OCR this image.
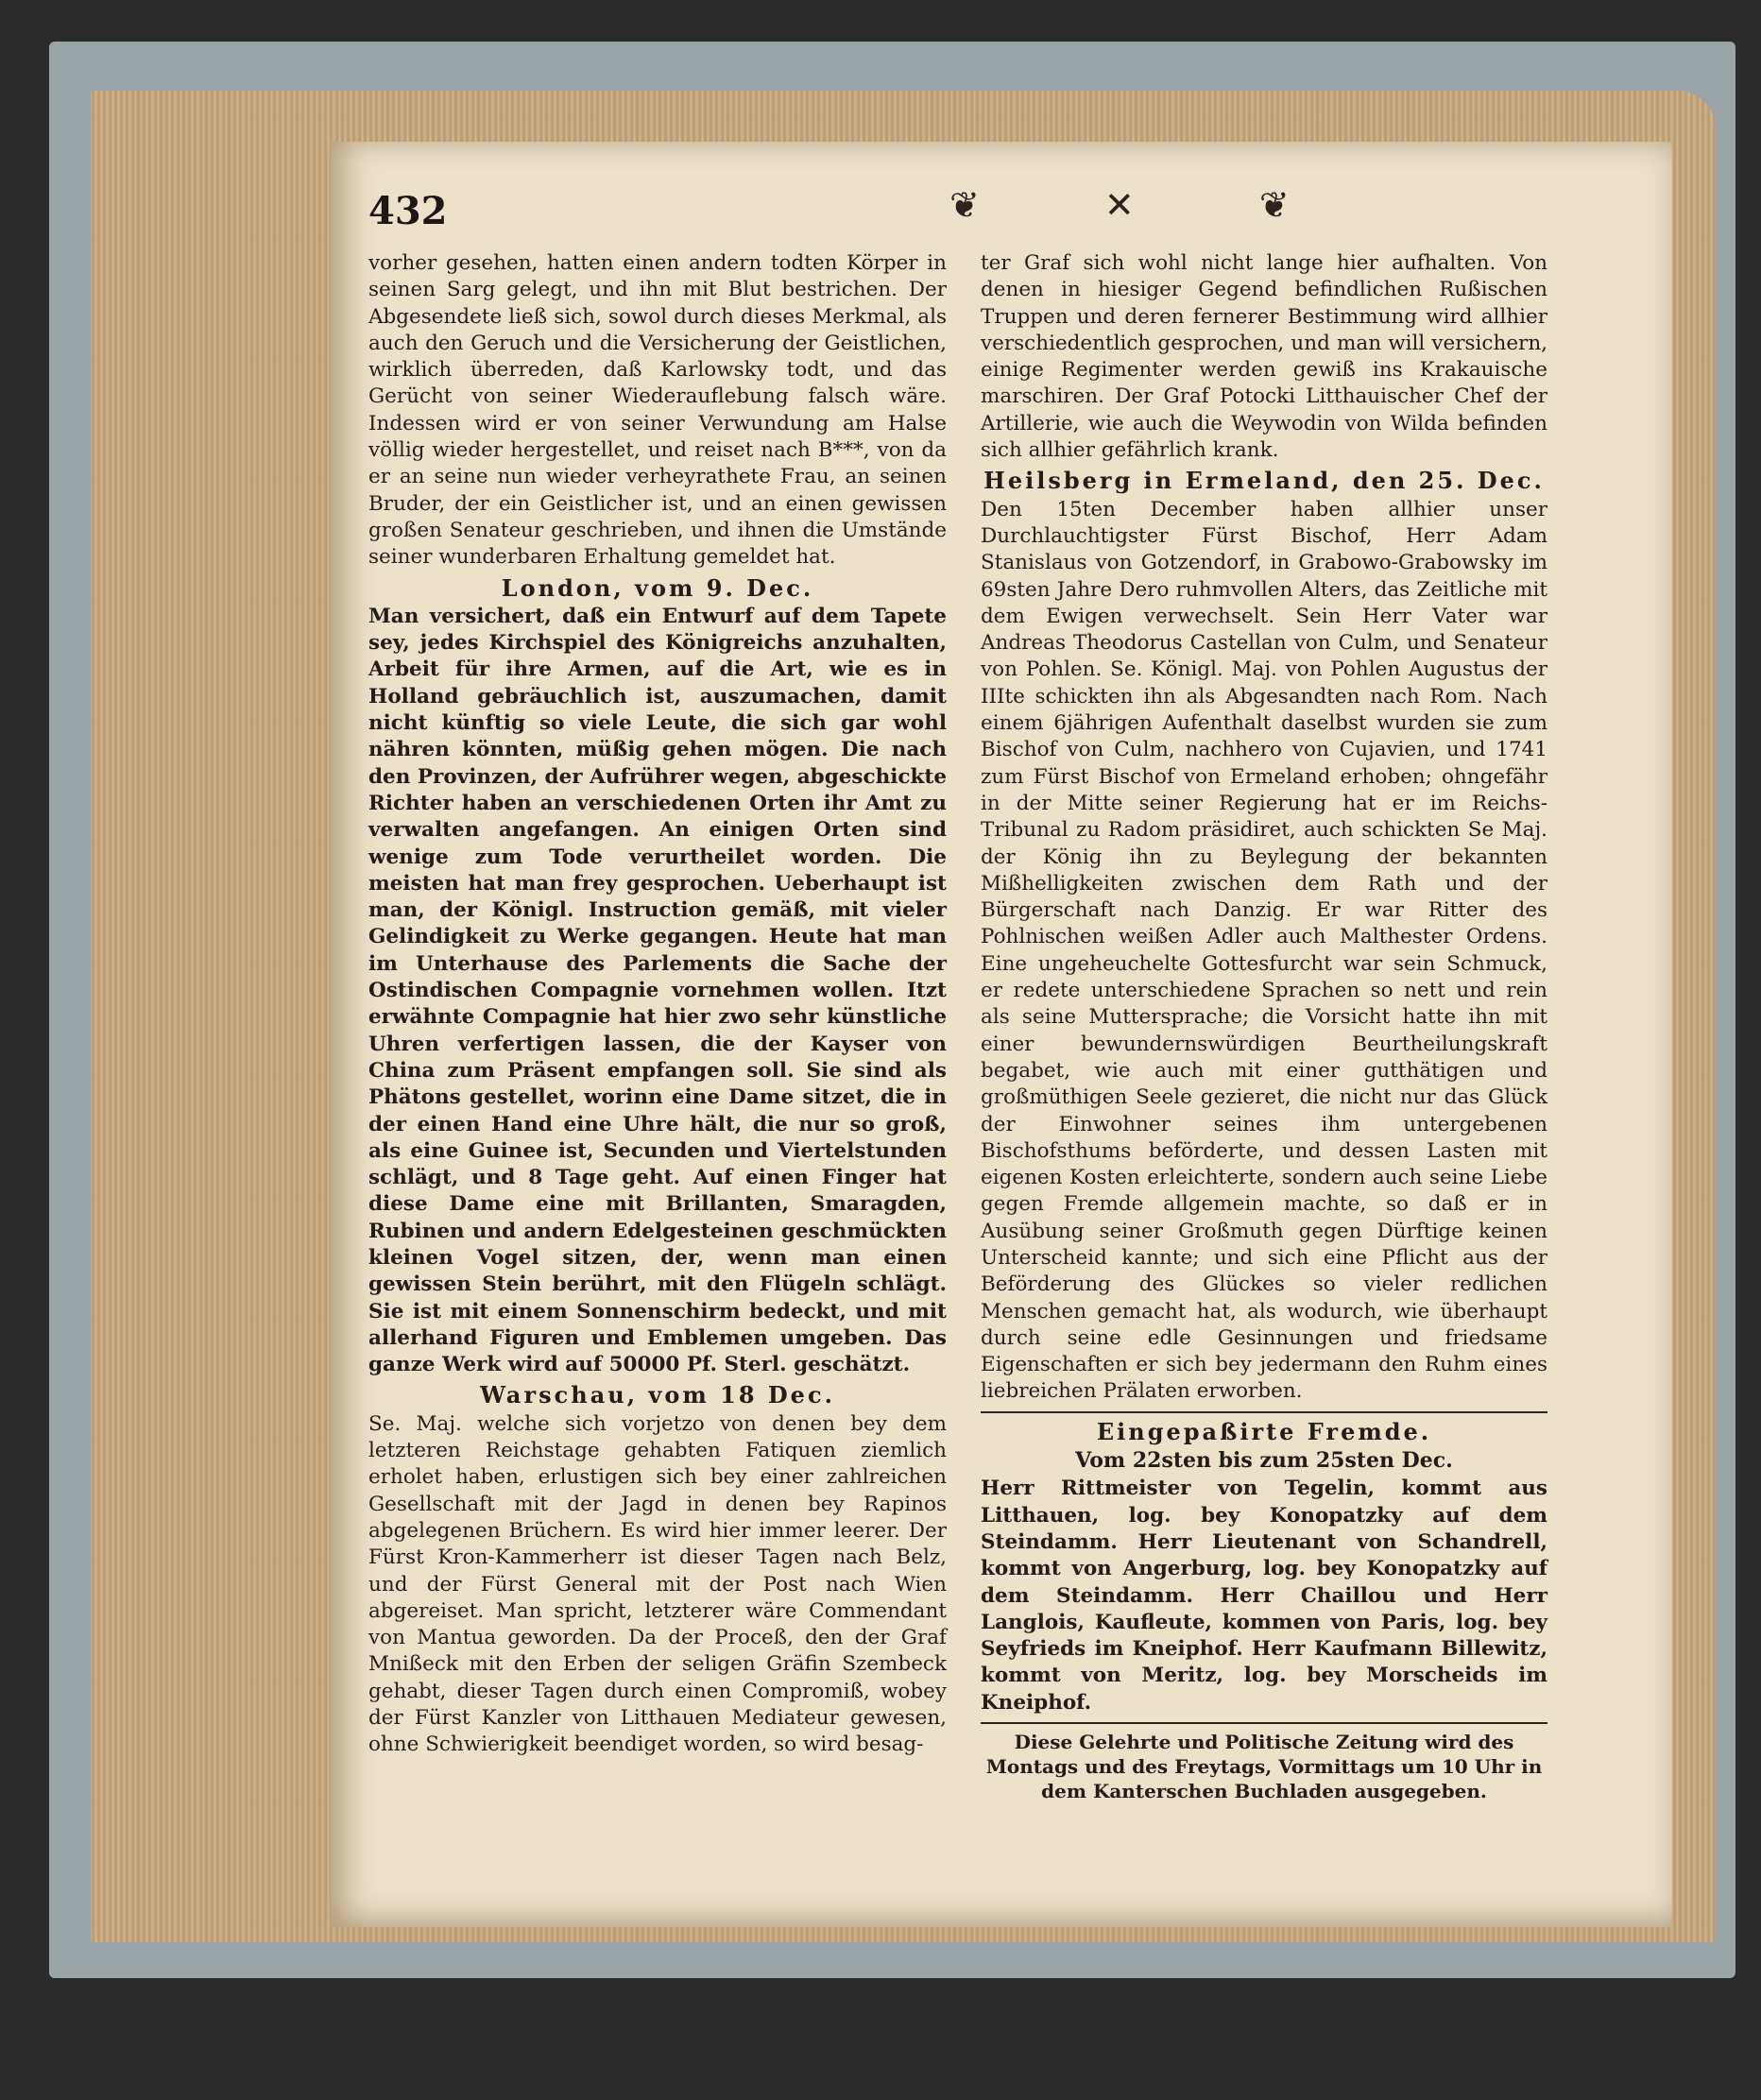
432	❦ ✕ ❦

vorher gesehen, hatten einen andern todten Körper in seinen Sarg gelegt, und ihn mit Blut bestrichen. Der Abgesendete ließ sich, sowol durch dieses Merkmal, als auch den Geruch und die Versicherung der Geistlichen, wirklich überreden, daß Karlowsky todt, und das Gerücht von seiner Wiederauflebung falsch wäre. Indessen wird er von seiner Verwundung am Halse völlig wieder hergestellet, und reiset nach B***, von da er an seine nun wieder verheyrathete Frau, an seinen Bruder, der ein Geistlicher ist, und an einen gewissen großen Senateur geschrieben, und ihnen die Umstände seiner wunderbaren Erhaltung gemeldet hat.

London, vom 9. Dec.

Man versichert, daß ein Entwurf auf dem Tapete sey, jedes Kirchspiel des Königreichs anzuhalten, Arbeit für ihre Armen, auf die Art, wie es in Holland gebräuchlich ist, auszumachen, damit nicht künftig so viele Leute, die sich gar wohl nähren könnten, müßig gehen mögen. Die nach den Provinzen, der Aufrührer wegen, abgeschickte Richter haben an verschiedenen Orten ihr Amt zu verwalten angefangen. An einigen Orten sind wenige zum Tode verurtheilet worden. Die meisten hat man frey gesprochen. Ueberhaupt ist man, der Königl. Instruction gemäß, mit vieler Gelindigkeit zu Werke gegangen. Heute hat man im Unterhause des Parlements die Sache der Ostindischen Compagnie vornehmen wollen. Itzt erwähnte Compagnie hat hier zwo sehr künstliche Uhren verfertigen lassen, die der Kayser von China zum Präsent empfangen soll. Sie sind als Phätons gestellet, worinn eine Dame sitzet, die in der einen Hand eine Uhre hält, die nur so groß, als eine Guinee ist, Secunden und Viertelstunden schlägt, und 8 Tage geht. Auf einen Finger hat diese Dame eine mit Brillanten, Smaragden, Rubinen und andern Edelgesteinen geschmückten kleinen Vogel sitzen, der, wenn man einen gewissen Stein berührt, mit den Flügeln schlägt. Sie ist mit einem Sonnenschirm bedeckt, und mit allerhand Figuren und Emblemen umgeben. Das ganze Werk wird auf 50000 Pf. Sterl. geschätzt.

Warschau, vom 18 Dec.

Se. Maj. welche sich vorjetzo von denen bey dem letzteren Reichstage gehabten Fatiquen ziemlich erholet haben, erlustigen sich bey einer zahlreichen Gesellschaft mit der Jagd in denen bey Rapinos abgelegenen Brüchern. Es wird hier immer leerer. Der Fürst Kron-Kammerherr ist dieser Tagen nach Belz, und der Fürst General mit der Post nach Wien abgereiset. Man spricht, letzterer wäre Commendant von Mantua geworden. Da der Proceß, den der Graf Mnißeck mit den Erben der seligen Gräfin Szembeck gehabt, dieser Tagen durch einen Compromiß, wobey der Fürst Kanzler von Litthauen Mediateur gewesen, ohne Schwierigkeit beendiget worden, so wird besag-

ter Graf sich wohl nicht lange hier aufhalten. Von denen in hiesiger Gegend befindlichen Rußischen Truppen und deren fernerer Bestimmung wird allhier verschiedentlich gesprochen, und man will versichern, einige Regimenter werden gewiß ins Krakauische marschiren. Der Graf Potocki Litthauischer Chef der Artillerie, wie auch die Weywodin von Wilda befinden sich allhier gefährlich krank.

Heilsberg in Ermeland, den 25. Dec.

Den 15ten December haben allhier unser Durchlauchtigster Fürst Bischof, Herr Adam Stanislaus von Gotzendorf, in Grabowo-Grabowsky im 69sten Jahre Dero ruhmvollen Alters, das Zeitliche mit dem Ewigen verwechselt. Sein Herr Vater war Andreas Theodorus Castellan von Culm, und Senateur von Pohlen. Se. Königl. Maj. von Pohlen Augustus der IIIte schickten ihn als Abgesandten nach Rom. Nach einem 6jährigen Aufenthalt daselbst wurden sie zum Bischof von Culm, nachhero von Cujavien, und 1741 zum Fürst Bischof von Ermeland erhoben; ohngefähr in der Mitte seiner Regierung hat er im Reichs-Tribunal zu Radom präsidiret, auch schickten Se Maj. der König ihn zu Beylegung der bekannten Mißhelligkeiten zwischen dem Rath und der Bürgerschaft nach Danzig. Er war Ritter des Pohlnischen weißen Adler auch Malthester Ordens. Eine ungeheuchelte Gottesfurcht war sein Schmuck, er redete unterschiedene Sprachen so nett und rein als seine Muttersprache; die Vorsicht hatte ihn mit einer bewundernswürdigen Beurtheilungskraft begabet, wie auch mit einer gutthätigen und großmüthigen Seele gezieret, die nicht nur das Glück der Einwohner seines ihm untergebenen Bischofsthums beförderte, und dessen Lasten mit eigenen Kosten erleichterte, sondern auch seine Liebe gegen Fremde allgemein machte, so daß er in Ausübung seiner Großmuth gegen Dürftige keinen Unterscheid kannte; und sich eine Pflicht aus der Beförderung des Glückes so vieler redlichen Menschen gemacht hat, als wodurch, wie überhaupt durch seine edle Gesinnungen und friedsame Eigenschaften er sich bey jedermann den Ruhm eines liebreichen Prälaten erworben.

Eingepaßirte Fremde.
Vom 22sten bis zum 25sten Dec.

Herr Rittmeister von Tegelin, kommt aus Litthauen, log. bey Konopatzky auf dem Steindamm. Herr Lieutenant von Schandrell, kommt von Angerburg, log. bey Konopatzky auf dem Steindamm. Herr Chaillou und Herr Langlois, Kaufleute, kommen von Paris, log. bey Seyfrieds im Kneiphof. Herr Kaufmann Billewitz, kommt von Meritz, log. bey Morscheids im Kneiphof.

Diese Gelehrte und Politische Zeitung wird des Montags und des Freytags, Vormittags um 10 Uhr in dem Kanterschen Buchladen ausgegeben.
